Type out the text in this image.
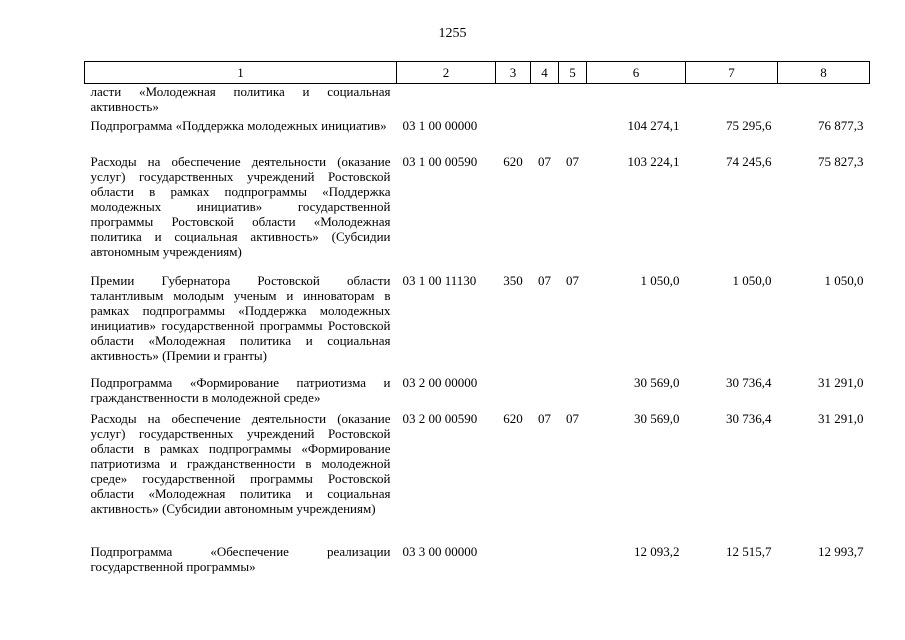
1255
1	2	3	4	5	6	7	8
ласти «Молодежная политика и социальная активность»							
Подпрограмма «Поддержка молодежных инициатив»	03 1 00 00000				104 274,1	75 295,6	76 877,3
Расходы на обеспечение деятельности (оказание услуг) государственных учреждений Ростовской области в рамках подпрограммы «Поддержка молодежных инициатив» государственной программы Ростовской области «Молодежная политика и социальная активность» (Субсидии автономным учреждениям)	03 1 00 00590	620	07	07	103 224,1	74 245,6	75 827,3
Премии Губернатора Ростовской области талантливым молодым ученым и инноваторам в рамках подпрограммы «Поддержка молодежных инициатив» государственной программы Ростовской области «Молодежная политика и социальная активность» (Премии и гранты)	03 1 00 11130	350	07	07	1 050,0	1 050,0	1 050,0
Подпрограмма «Формирование патриотизма и гражданственности в молодежной среде»	03 2 00 00000				30 569,0	30 736,4	31 291,0
Расходы на обеспечение деятельности (оказание услуг) государственных учреждений Ростовской области в рамках подпрограммы «Формирование патриотизма и гражданственности в молодежной среде» государственной программы Ростовской области «Молодежная политика и социальная активность» (Субсидии автономным учреждениям)	03 2 00 00590	620	07	07	30 569,0	30 736,4	31 291,0
Подпрограмма «Обеспечение реализации государственной программы»	03 3 00 00000				12 093,2	12 515,7	12 993,7
